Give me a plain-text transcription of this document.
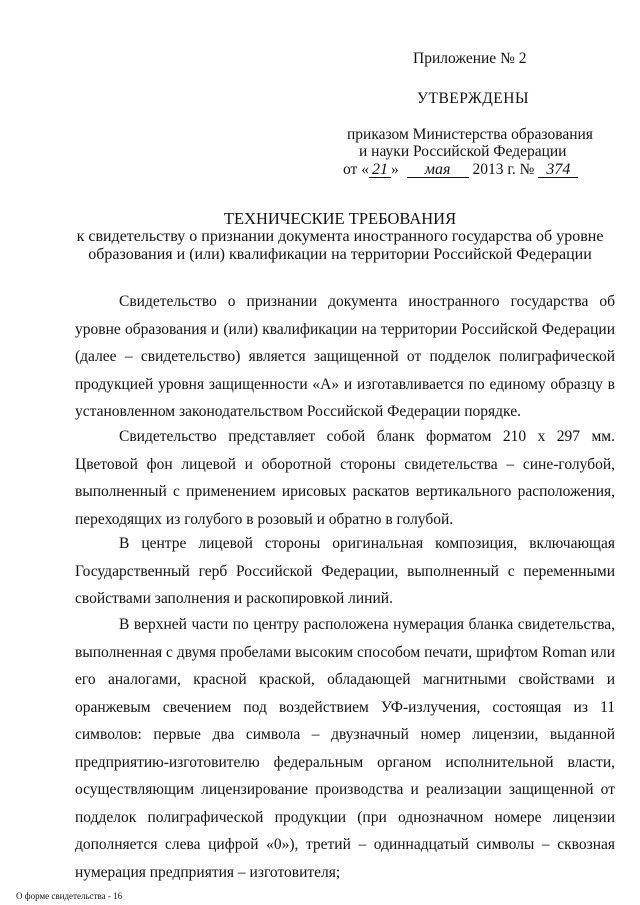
Приложение № 2
УТВЕРЖДЕНЫ
приказом Министерства образования
и науки Российской Федерации
от « 21 » мая 2013 г. № 374
ТЕХНИЧЕСКИЕ ТРЕБОВАНИЯ
к свидетельству о признании документа иностранного государства об уровне
образования и (или) квалификации на территории Российской Федерации
Свидетельство о признании документа иностранного государства об уровне образования и (или) квалификации на территории Российской Федерации (далее – свидетельство) является защищенной от подделок полиграфической продукцией уровня защищенности «А» и изготавливается по единому образцу в установленном законодательством Российской Федерации порядке.
Свидетельство представляет собой бланк форматом 210 х 297 мм. Цветовой фон лицевой и оборотной стороны свидетельства – сине-голубой, выполненный с применением ирисовых раскатов вертикального расположения, переходящих из голубого в розовый и обратно в голубой.
В центре лицевой стороны оригинальная композиция, включающая Государственный герб Российской Федерации, выполненный с переменными свойствами заполнения и раскопировкой линий.
В верхней части по центру расположена нумерация бланка свидетельства, выполненная с двумя пробелами высоким способом печати, шрифтом Roman или его аналогами, красной краской, обладающей магнитными свойствами и оранжевым свечением под воздействием УФ-излучения, состоящая из 11 символов: первые два символа – двузначный номер лицензии, выданной предприятию-изготовителю федеральным органом исполнительной власти, осуществляющим лицензирование производства и реализации защищенной от подделок полиграфической продукции (при однозначном номере лицензии дополняется слева цифрой «0»), третий – одиннадцатый символы – сквозная нумерация предприятия – изготовителя;
О форме свидетельства - 16
